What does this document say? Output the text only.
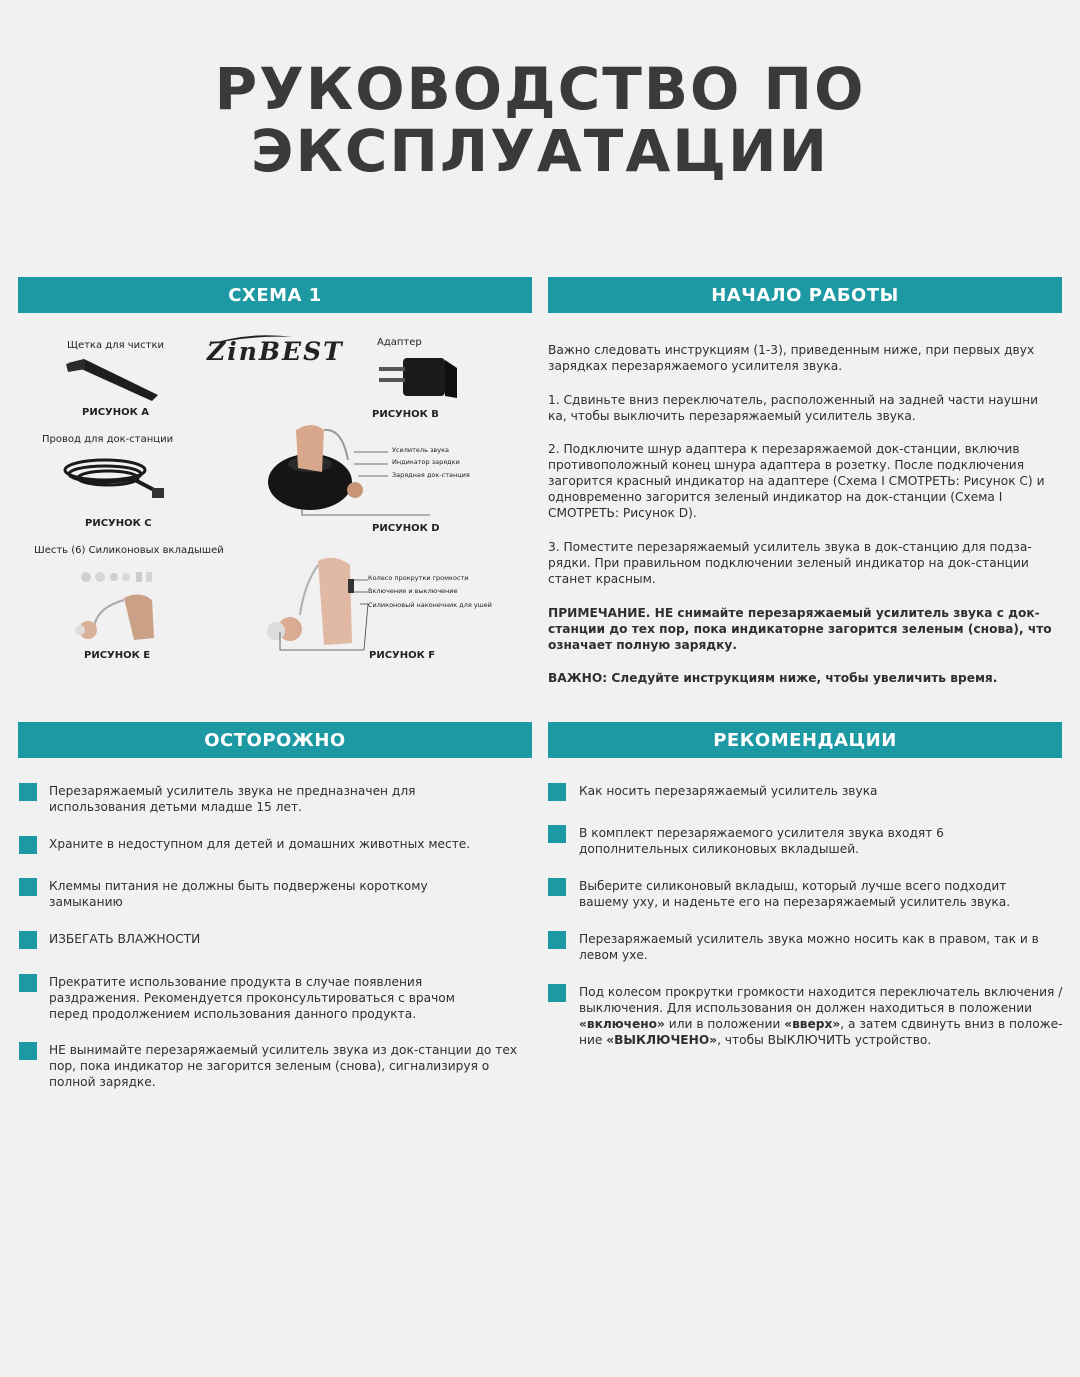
РУКОВОДСТВО ПО
ЭКСПЛУАТАЦИИ
СХЕМА 1	НАЧАЛО РАБОТЫ
ОСТОРОЖНО	РЕКОМЕНДАЦИИ
Щетка для чистки
РИСУНОК А
ZinBEST	Адаптер
РИСУНОК B
Провод для док-станции
РИСУНОК С
Усилитель звука
Индикатор зарядки
Зарядная док-станция
РИСУНОК D
Шесть (6) Силиконовых вкладышей
РИСУНОК E
Колесо прокрутки громкости
Включение и выключение
Силиконовый наконечник для ушей
РИСУНОК F
Важно следовать инструкциям (1-3), приведенным ниже, при первых двух зарядках перезаряжаемого усилителя звука.
1. Сдвиньте вниз переключатель, расположенный на задней части наушни ка, чтобы выключить перезаряжаемый усилитель звука.
2. Подключите шнур адаптера к перезаряжаемой док-станции, включив противоположный конец шнура адаптера в розетку. После подключения загорится красный индикатор на адаптере (Схема I СМОТРЕТЬ: Рисунок С) и одновременно загорится зеленый индикатор на док-станции (Схема I СМОТРЕТЬ: Рисунок D).
3. Поместите перезаряжаемый усилитель звука в док-станцию для подза-рядки. При правильном подключении зеленый индикатор на док-станции станет красным.
ПРИМЕЧАНИЕ. НЕ снимайте перезаряжаемый усилитель звука с док-станции до тех пор, пока индикаторне загорится зеленым (снова), что означает полную зарядку.
ВАЖНО: Следуйте инструкциям ниже, чтобы увеличить время.
Перезаряжаемый усилитель звука не предназначен для использования детьми младше 15 лет.
Храните в недоступном для детей и домашних животных месте.
Клеммы питания не должны быть подвержены короткому замыканию
ИЗБЕГАТЬ ВЛАЖНОСТИ
Прекратите использование продукта в случае появления раздражения. Рекомендуется проконсультироваться с врачом перед продолжением использования данного продукта.
НЕ вынимайте перезаряжаемый усилитель звука из док-станции до тех пор, пока индикатор не загорится зеленым (снова), сигнализируя о полной зарядке.
Как носить перезаряжаемый усилитель звука
В комплект перезаряжаемого усилителя звука входят 6 дополнительных силиконовых вкладышей.
Выберите силиконовый вкладыш, который лучше всего подходит вашему уху, и наденьте его на перезаряжаемый усилитель звука.
Перезаряжаемый усилитель звука можно носить как в правом, так и в левом ухе.
Под колесом прокрутки громкости находится переключатель включения /выключения. Для использования он должен находиться в положении
«включено» или в положении «вверх», а затем сдвинуть вниз в положе-ние «ВЫКЛЮЧЕНО», чтобы ВЫКЛЮЧИТЬ устройство.
